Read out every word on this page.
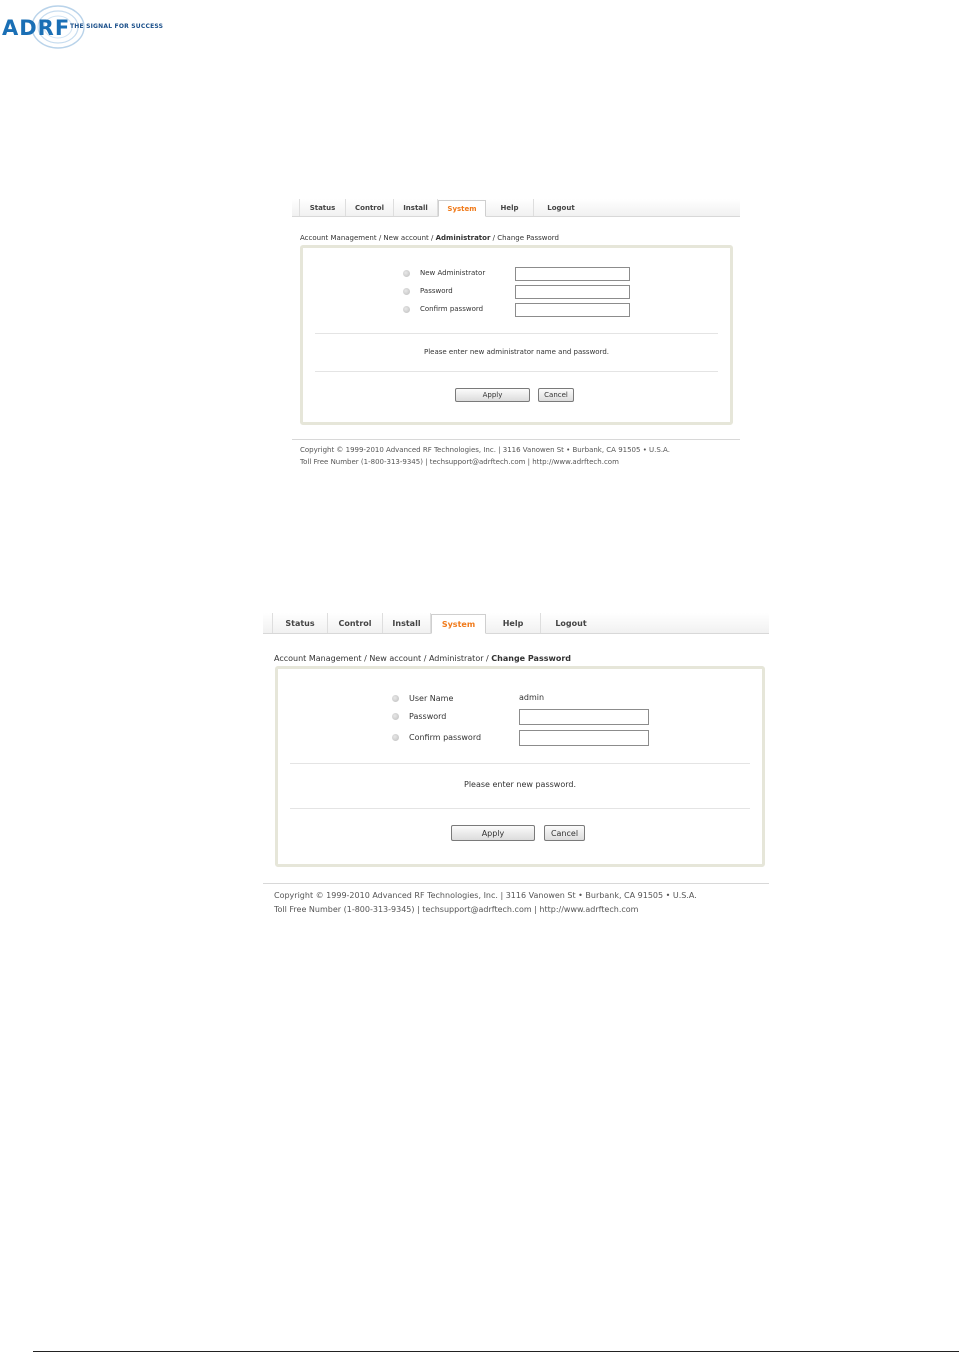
ADRF THE SIGNAL FOR SUCCESS
Status	Control	Install	System	Help	Logout
Account Management / New account / Administrator / Change Password
New Administrator
Password
Confirm password
Please enter new administrator name and password.
Apply	Cancel
Copyright © 1999-2010 Advanced RF Technologies, Inc. | 3116 Vanowen St • Burbank, CA 91505 • U.S.A.
Toll Free Number (1-800-313-9345) | techsupport@adrftech.com | http://www.adrftech.com
Status	Control	Install	System	Help	Logout
Account Management / New account / Administrator / Change Password
User Name	admin
Password
Confirm password
Please enter new password.
Apply	Cancel
Copyright © 1999-2010 Advanced RF Technologies, Inc. | 3116 Vanowen St • Burbank, CA 91505 • U.S.A.
Toll Free Number (1-800-313-9345) | techsupport@adrftech.com | http://www.adrftech.com
